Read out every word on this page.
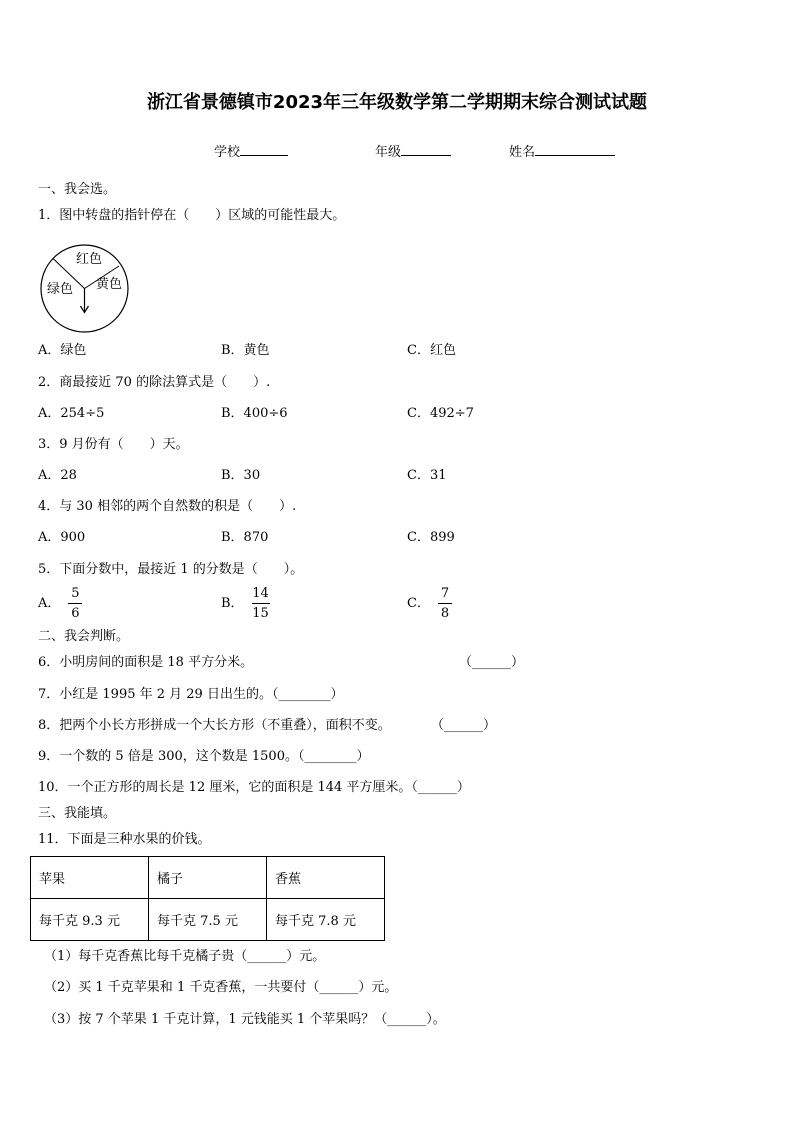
浙江省景德镇市2023年三年级数学第二学期期末综合测试试题
学校	年级	姓名
一、我会选。
1．图中转盘的指针停在（　　）区域的可能性最大。
红色
绿色 黄色
A．绿色	B．黄色	C．红色
2．商最接近 70 的除法算式是（　　）.
A．254÷5	B．400÷6	C．492÷7
3．9 月份有（　　）天。
A．28	B．30	C．31
4．与 30 相邻的两个自然数的积是（　　）.
A．900	B．870	C．899
5．下面分数中，最接近 1 的分数是（　　）。
A． $\frac{5}{6}$	B． $\frac{14}{15}$	C． $\frac{7}{8}$
二、我会判断。
6．小明房间的面积是 18 平方分米。	（______）
7．小红是 1995 年 2 月 29 日出生的。（________）
8．把两个小长方形拼成一个大长方形（不重叠），面积不变。	（______）
9．一个数的 5 倍是 300，这个数是 1500。（________）
10．一个正方形的周长是 12 厘米，它的面积是 144 平方厘米。（______）
三、我能填。
11．下面是三种水果的价钱。
苹果	橘子	香蕉
每千克 9.3 元	每千克 7.5 元	每千克 7.8 元
（1）每千克香蕉比每千克橘子贵（______）元。
（2）买 1 千克苹果和 1 千克香蕉，一共要付（______）元。
（3）按 7 个苹果 1 千克计算，1 元钱能买 1 个苹果吗？（______）。
